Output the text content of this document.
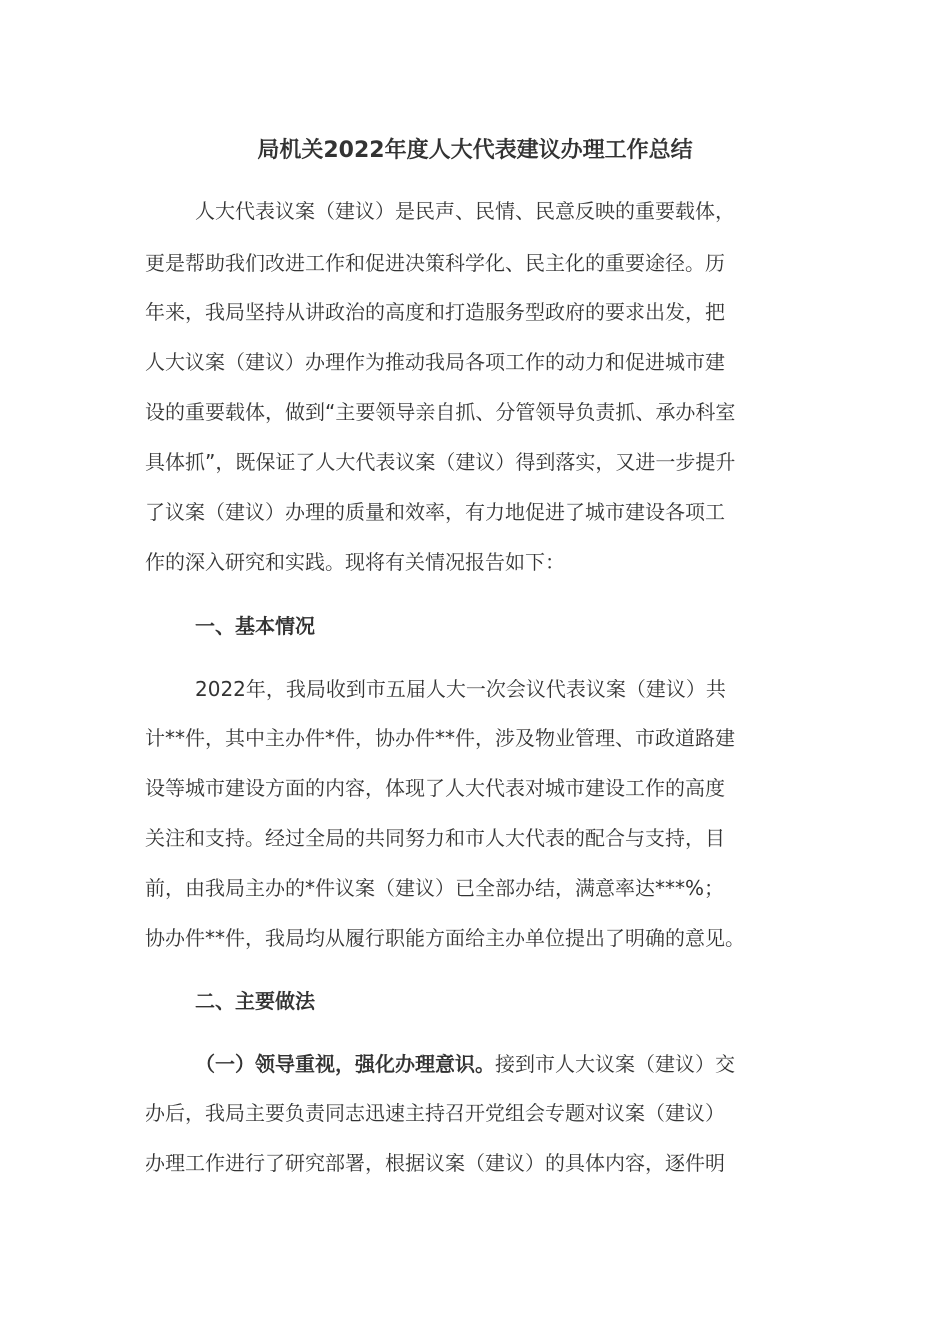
局机关2022年度人大代表建议办理工作总结
人大代表议案（建议）是民声、民情、民意反映的重要载体，
更是帮助我们改进工作和促进决策科学化、民主化的重要途径。历
年来，我局坚持从讲政治的高度和打造服务型政府的要求出发，把
人大议案（建议）办理作为推动我局各项工作的动力和促进城市建
设的重要载体，做到“主要领导亲自抓、分管领导负责抓、承办科室
具体抓”，既保证了人大代表议案（建议）得到落实，又进一步提升
了议案（建议）办理的质量和效率，有力地促进了城市建设各项工
作的深入研究和实践。现将有关情况报告如下：
一、基本情况
2022年，我局收到市五届人大一次会议代表议案（建议）共
计**件，其中主办件*件，协办件**件，涉及物业管理、市政道路建
设等城市建设方面的内容，体现了人大代表对城市建设工作的高度
关注和支持。经过全局的共同努力和市人大代表的配合与支持，目
前，由我局主办的*件议案（建议）已全部办结，满意率达***%；
协办件**件，我局均从履行职能方面给主办单位提出了明确的意见。
二、主要做法
（一）领导重视，强化办理意识。接到市人大议案（建议）交
办后，我局主要负责同志迅速主持召开党组会专题对议案（建议）
办理工作进行了研究部署，根据议案（建议）的具体内容，逐件明
